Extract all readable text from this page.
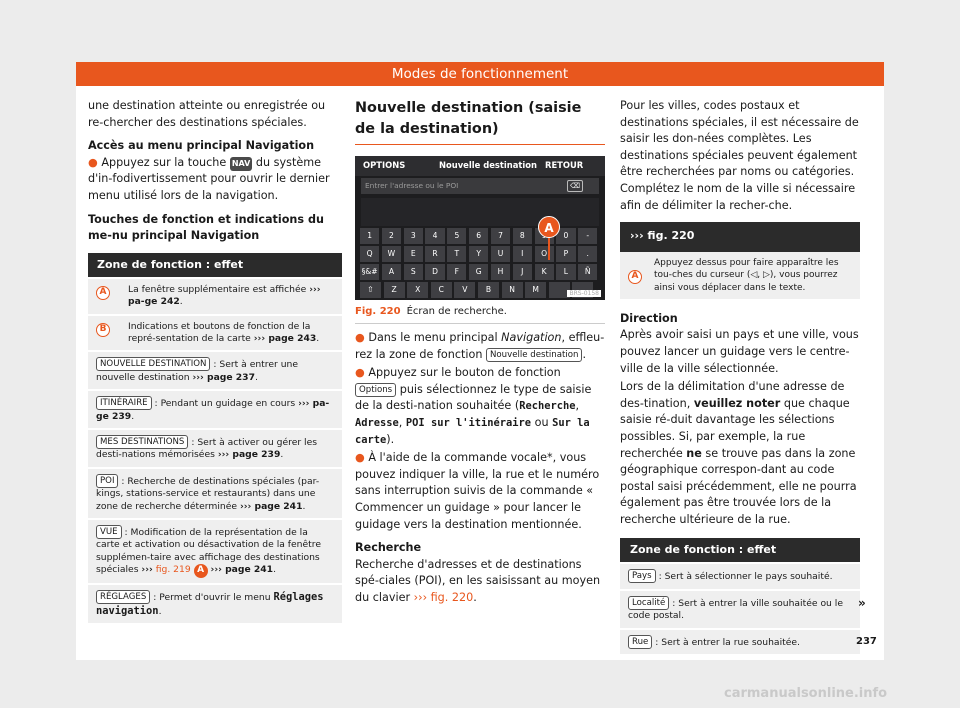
Modes de fonctionnement

une destination atteinte ou enregistrée ou re-chercher des destinations spéciales.

Accès au menu principal Navigation

● Appuyez sur la touche NAV du système d'in-fodivertissement pour ouvrir le dernier menu utilisé lors de la navigation.

Touches de fonction et indications du me-nu principal Navigation

Zone de fonction : effet
A	La fenêtre supplémentaire est affichée ››› pa-ge 242.
B	Indications et boutons de fonction de la repré-sentation de la carte ››› page 243.
NOUVELLE DESTINATION : Sert à entrer une nouvelle destination ››› page 237.
ITINÉRAIRE : Pendant un guidage en cours ››› pa-ge 239.
MES DESTINATIONS : Sert à activer ou gérer les desti-nations mémorisées ››› page 239.
POI : Recherche de destinations spéciales (par-kings, stations-service et restaurants) dans une zone de recherche déterminée ››› page 241.
VUE : Modification de la représentation de la carte et activation ou désactivation de la fenêtre supplémen-taire avec affichage des destinations spéciales ››› fig. 219 A ››› page 241.
RÉGLAGES : Permet d'ouvrir le menu Réglages navigation.
Nouvelle destination (saisie de la destination)
OPTIONS	Nouvelle destination RETOUR
Entrer l'adresse ou le POI	⌫
1	2	3	4	5	6	7	8	0	-
Q	W	E	R	T	Y	U	I	O	P	.
§&#	A	S	D	F	G	H	J	K	L	Ñ
⇧	Z	X	C	V	B	N	M
A
BRS-0158

Fig. 220 Écran de recherche.

● Dans le menu principal Navigation, effleu-rez la zone de fonction Nouvelle destination .

● Appuyez sur le bouton de fonction Options puis sélectionnez le type de saisie de la desti-nation souhaitée (Recherche, Adresse, POI sur l'itinéraire ou Sur la carte).

● À l'aide de la commande vocale*, vous pouvez indiquer la ville, la rue et le numéro sans interruption suivis de la commande « Commencer un guidage » pour lancer le guidage vers la destination mentionnée.

Recherche

Recherche d'adresses et de destinations spé-ciales (POI), en les saisissant au moyen du clavier ››› fig. 220.

Pour les villes, codes postaux et destinations spéciales, il est nécessaire de saisir les don-nées complètes. Les destinations spéciales peuvent également être recherchées par noms ou catégories. Complétez le nom de la ville si nécessaire afin de délimiter la recher-che.

››› fig. 220
A
Appuyez dessus pour faire apparaître les tou-ches du curseur (◁, ▷), vous pourrez ainsi vous déplacer dans le texte.

Direction

Après avoir saisi un pays et une ville, vous pouvez lancer un guidage vers le centre-ville de la ville sélectionnée.

Lors de la délimitation d'une adresse de des-tination, veuillez noter que chaque saisie ré-duit davantage les sélections possibles. Si, par exemple, la rue recherchée ne se trouve pas dans la zone géographique correspon-dant au code postal saisi précédemment, elle ne pourra également pas être trouvée lors de la recherche ultérieure de la rue.

Zone de fonction : effet
Pays : Sert à sélectionner le pays souhaité.
Localité : Sert à entrer la ville souhaitée ou le code postal.
Rue : Sert à entrer la rue souhaitée.
»
237
carmanualsonline.info
